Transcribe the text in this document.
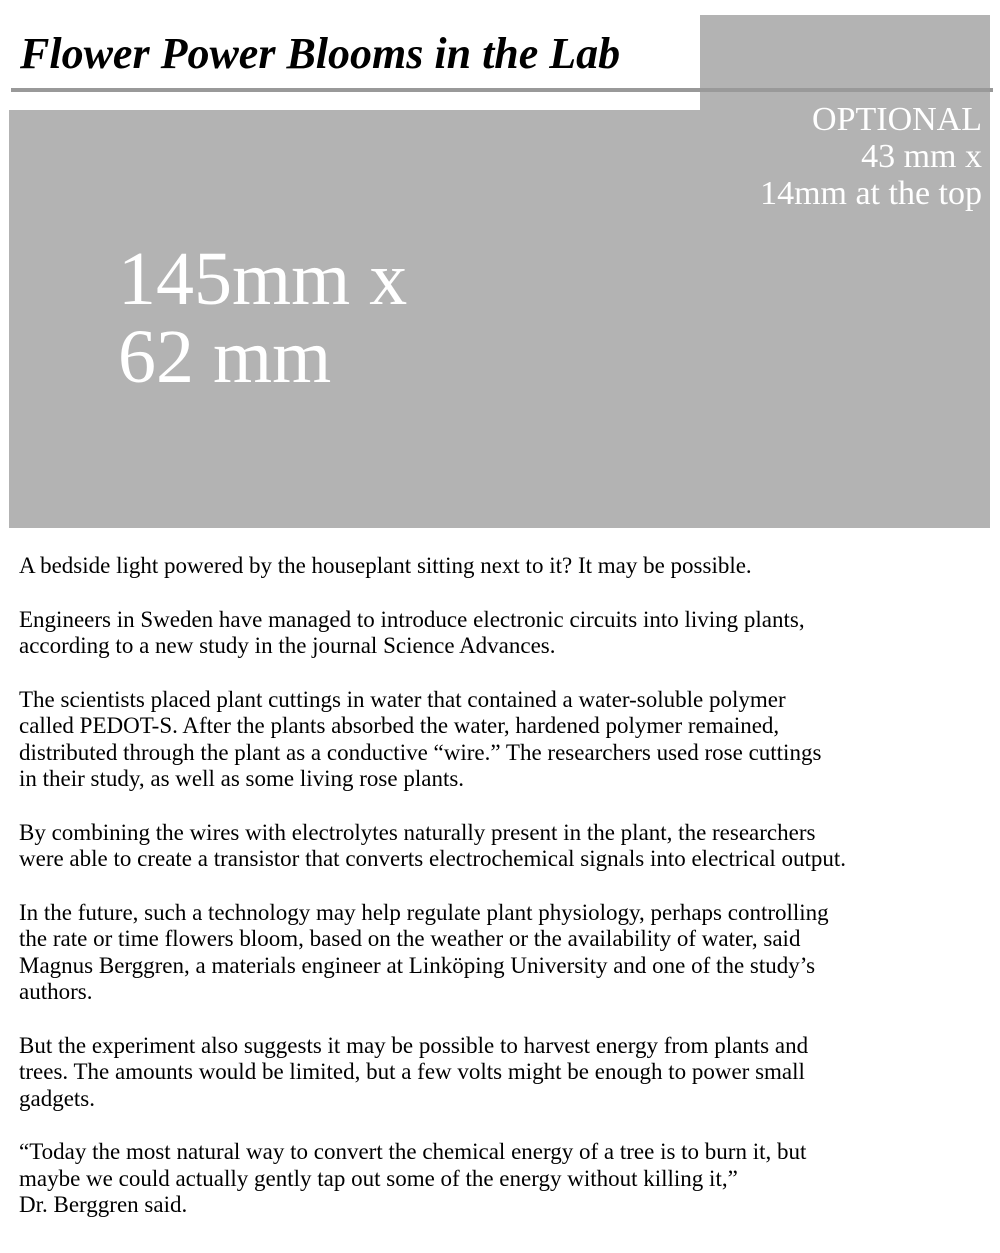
Flower Power Blooms in the Lab
145mm x
62 mm
OPTIONAL
43 mm x
14mm at the top

A bedside light powered by the houseplant sitting next to it? It may be possible.

Engineers in Sweden have managed to introduce electronic circuits into living plants,
according to a new study in the journal Science Advances.

The scientists placed plant cuttings in water that contained a water-soluble polymer
called PEDOT-S. After the plants absorbed the water, hardened polymer remained,
distributed through the plant as a conductive “wire.” The researchers used rose cuttings
in their study, as well as some living rose plants.

By combining the wires with electrolytes naturally present in the plant, the researchers
were able to create a transistor that converts electrochemical signals into electrical output.

In the future, such a technology may help regulate plant physiology, perhaps controlling
the rate or time flowers bloom, based on the weather or the availability of water, said
Magnus Berggren, a materials engineer at Linköping University and one of the study’s
authors.

But the experiment also suggests it may be possible to harvest energy from plants and
trees. The amounts would be limited, but a few volts might be enough to power small
gadgets.

“Today the most natural way to convert the chemical energy of a tree is to burn it, but
maybe we could actually gently tap out some of the energy without killing it,”
Dr. Berggren said.
